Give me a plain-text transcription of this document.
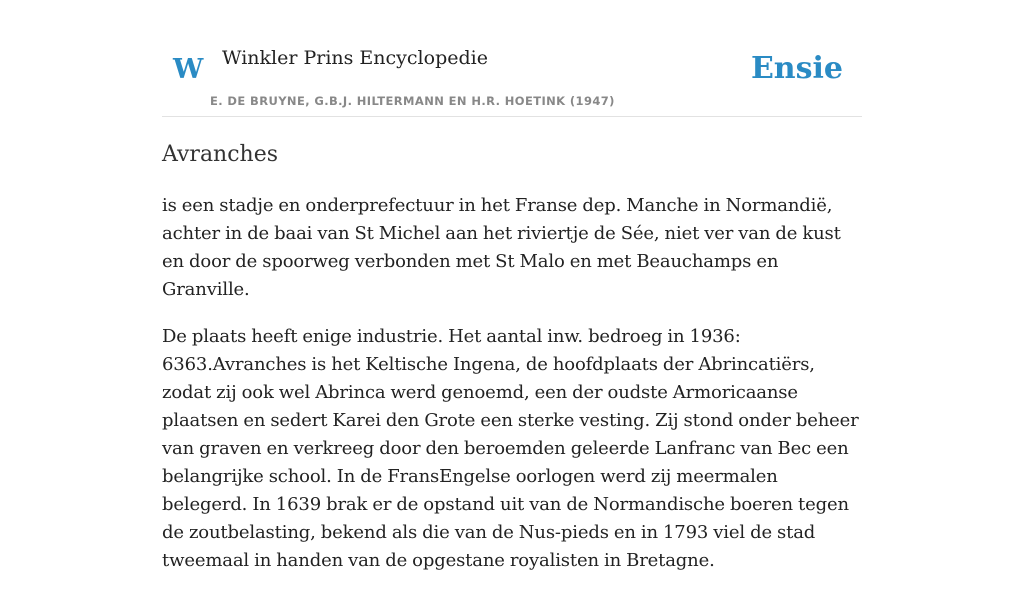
W Winkler Prins Encyclopedie
E. DE BRUYNE, G.B.J. HILTERMANN EN H.R. HOETINK (1947)
Ensie
Avranches

is een stadje en onderprefectuur in het Franse dep. Manche in Normandië, achter in de baai van St Michel aan het riviertje de Sée, niet ver van de kust en door de spoorweg verbonden met St Malo en met Beauchamps en Granville.

De plaats heeft enige industrie. Het aantal inw. bedroeg in 1936: 6363.Avranches is het Keltische Ingena, de hoofdplaats der Abrincatiërs, zodat zij ook wel Abrinca werd genoemd, een der oudste Armoricaanse plaatsen en sedert Karei den Grote een sterke vesting. Zij stond onder beheer van graven en verkreeg door den beroemden geleerde Lanfranc van Bec een belangrijke school. In de FransEngelse oorlogen werd zij meermalen belegerd. In 1639 brak er de opstand uit van de Normandische boeren tegen de zoutbelasting, bekend als die van de Nus-pieds en in 1793 viel de stad tweemaal in handen van de opgestane royalisten in Bretagne.
